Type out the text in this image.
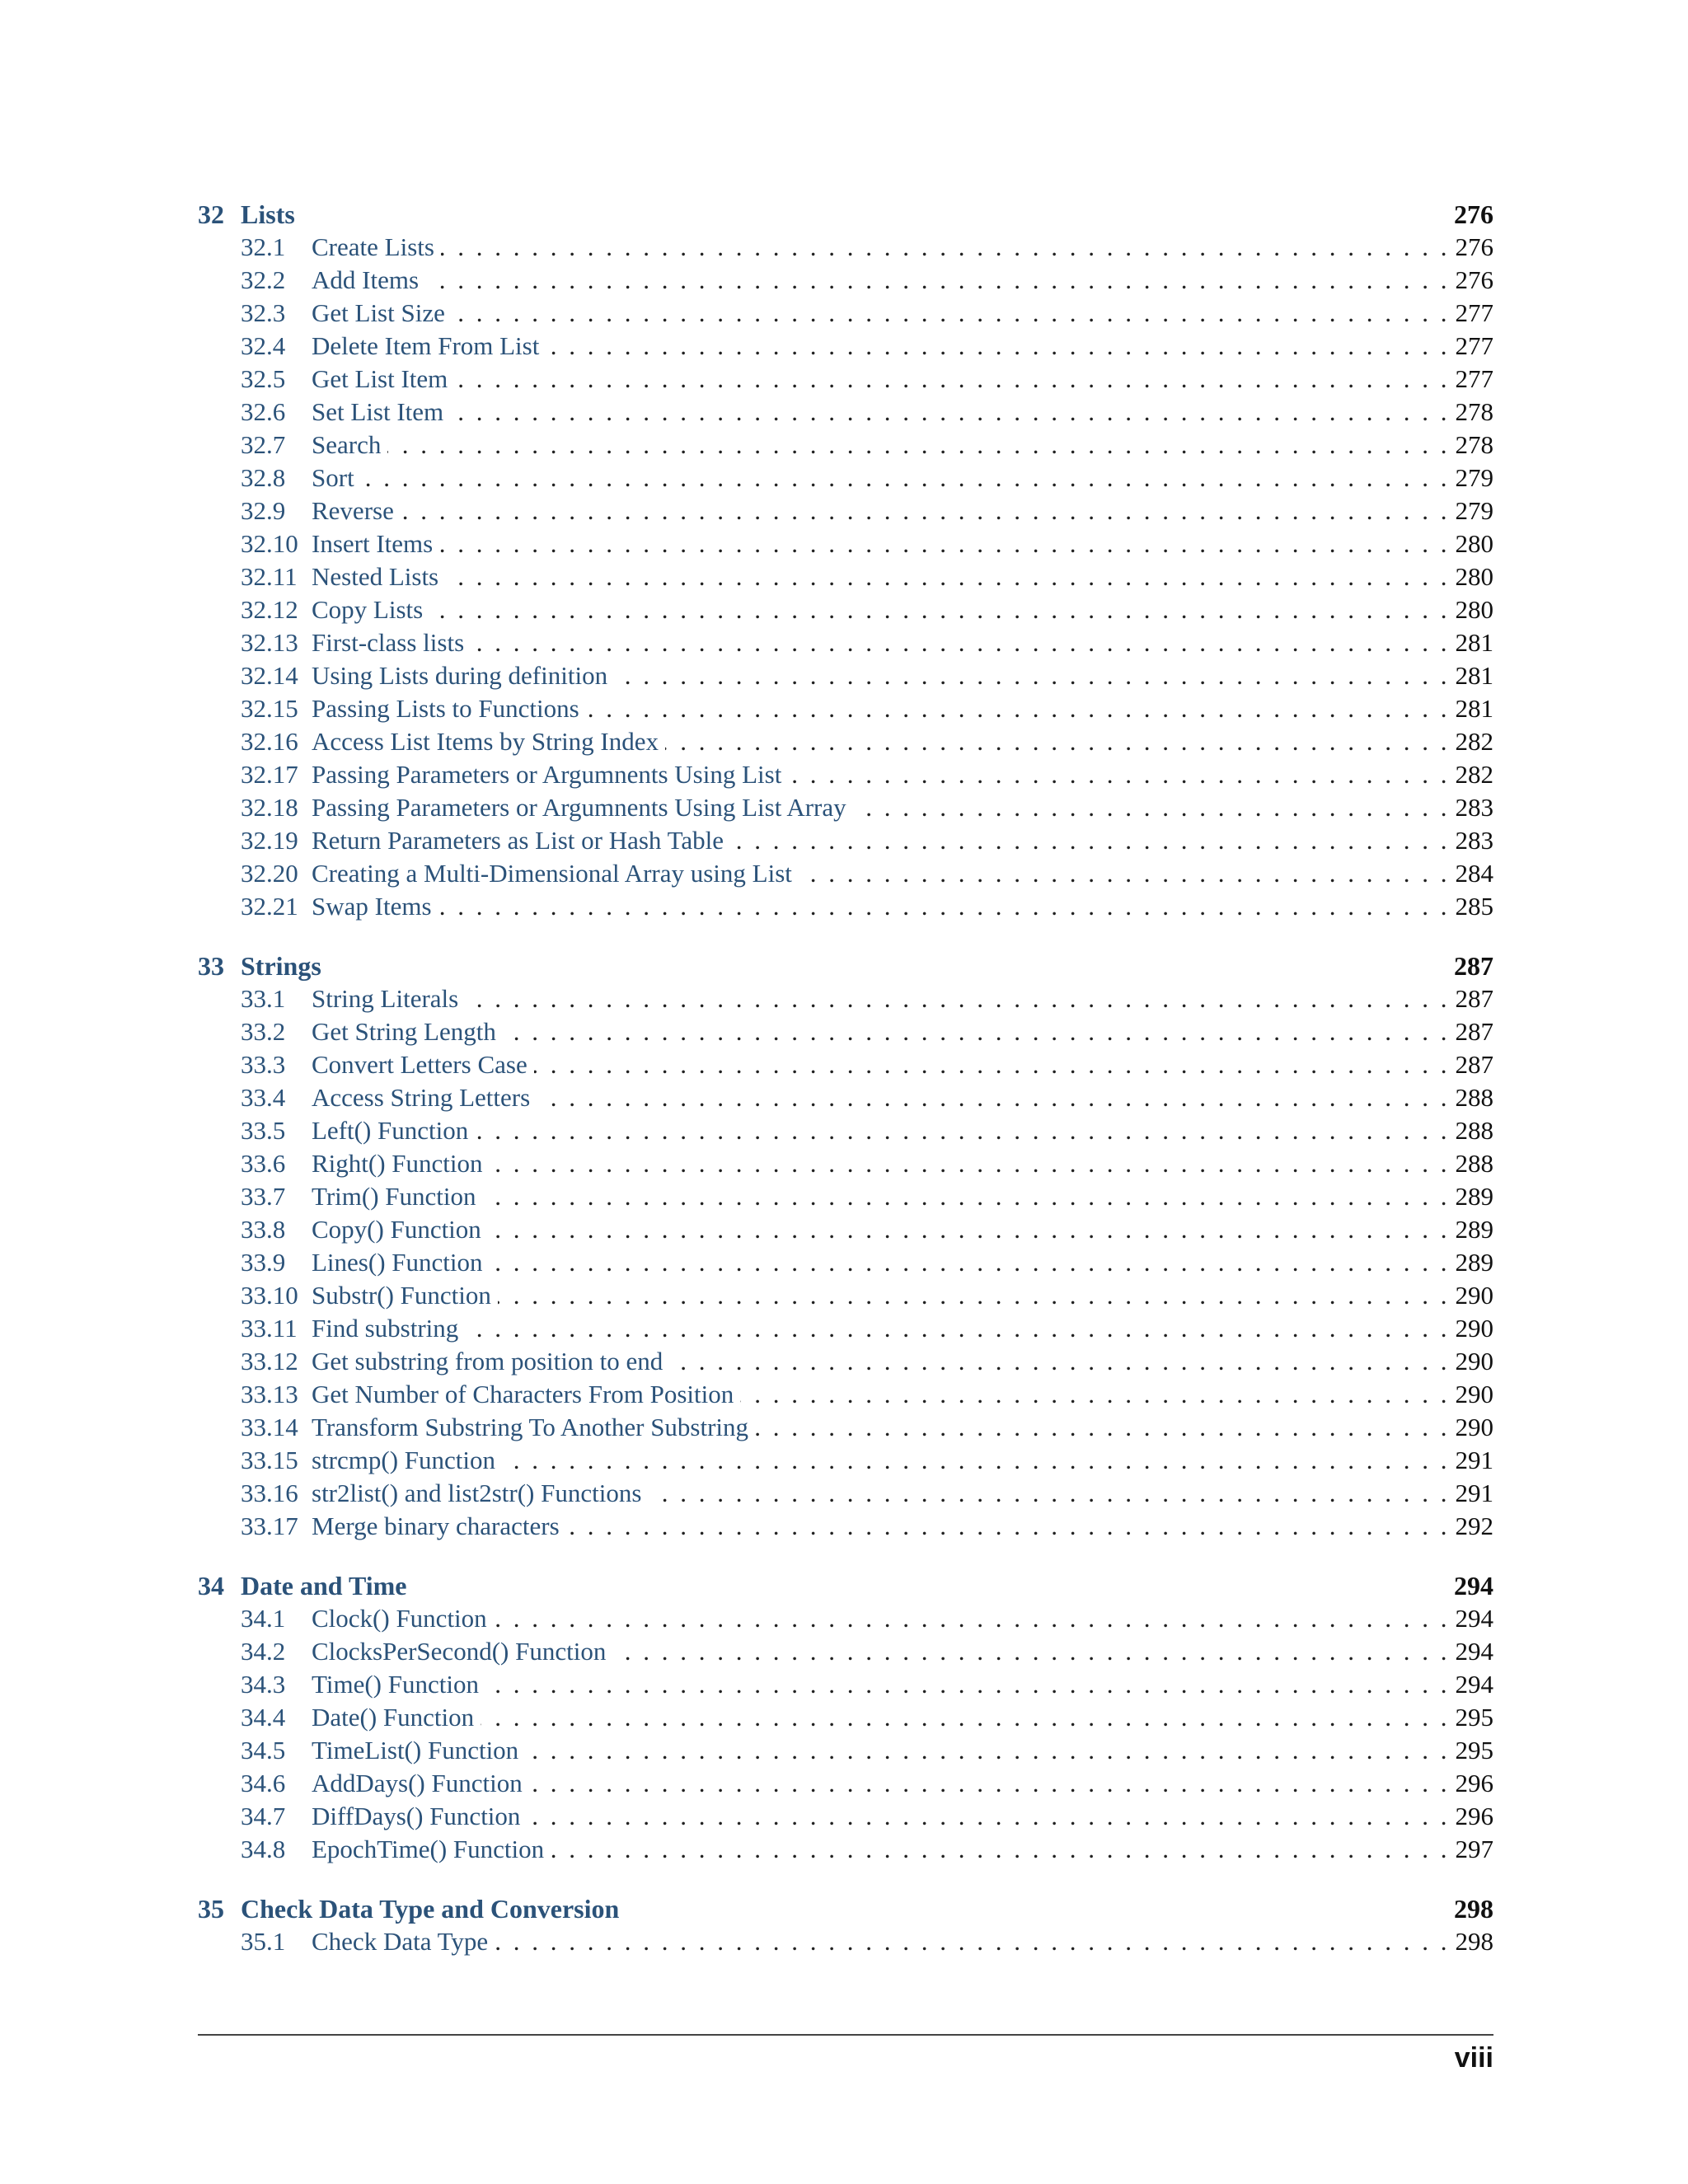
32 Lists	276
32.1	Create Lists . . .	276
32.2	Add Items . . .	276
32.3	Get List Size . . .	277
32.4	Delete Item From List . . .	277
32.5	Get List Item . . .	277
32.6	Set List Item . . .	278
32.7	Search . . .	278
32.8	Sort . . .	279
32.9	Reverse . . .	279
32.10 Insert Items . . .	280
32.11 Nested Lists . . .	280
32.12 Copy Lists . . .	280
32.13 First-class lists . . .	281
32.14 Using Lists during definition . . .	281
32.15 Passing Lists to Functions . . .	281
32.16 Access List Items by String Index . . .	282
32.17 Passing Parameters or Argumnents Using List . . .	282
32.18 Passing Parameters or Argumnents Using List Array . . .	283
32.19 Return Parameters as List or Hash Table . . .	283
32.20 Creating a Multi-Dimensional Array using List . . .	284
32.21 Swap Items . . .	285
33 Strings	287
33.1	String Literals . . .	287
33.2	Get String Length . . .	287
33.3	Convert Letters Case . . .	287
33.4	Access String Letters . . .	288
33.5	Left() Function . . .	288
33.6	Right() Function . . .	288
33.7	Trim() Function . . .	289
33.8	Copy() Function . . .	289
33.9	Lines() Function . . .	289
33.10 Substr() Function . . .	290
33.11 Find substring . . .	290
33.12 Get substring from position to end . . .	290
33.13 Get Number of Characters From Position . . .	290
33.14 Transform Substring To Another Substring . . .	290
33.15 strcmp() Function . . .	291
33.16 str2list() and list2str() Functions . . .	291
33.17 Merge binary characters . . .	292
34 Date and Time	294
34.1	Clock() Function . . .	294
34.2	ClocksPerSecond() Function . . .	294
34.3	Time() Function . . .	294
34.4	Date() Function . . .	295
34.5	TimeList() Function . . .	295
34.6	AddDays() Function . . .	296
34.7	DiffDays() Function . . .	296
34.8	EpochTime() Function . . .	297
35 Check Data Type and Conversion	298
35.1	Check Data Type . . .	298
viii
